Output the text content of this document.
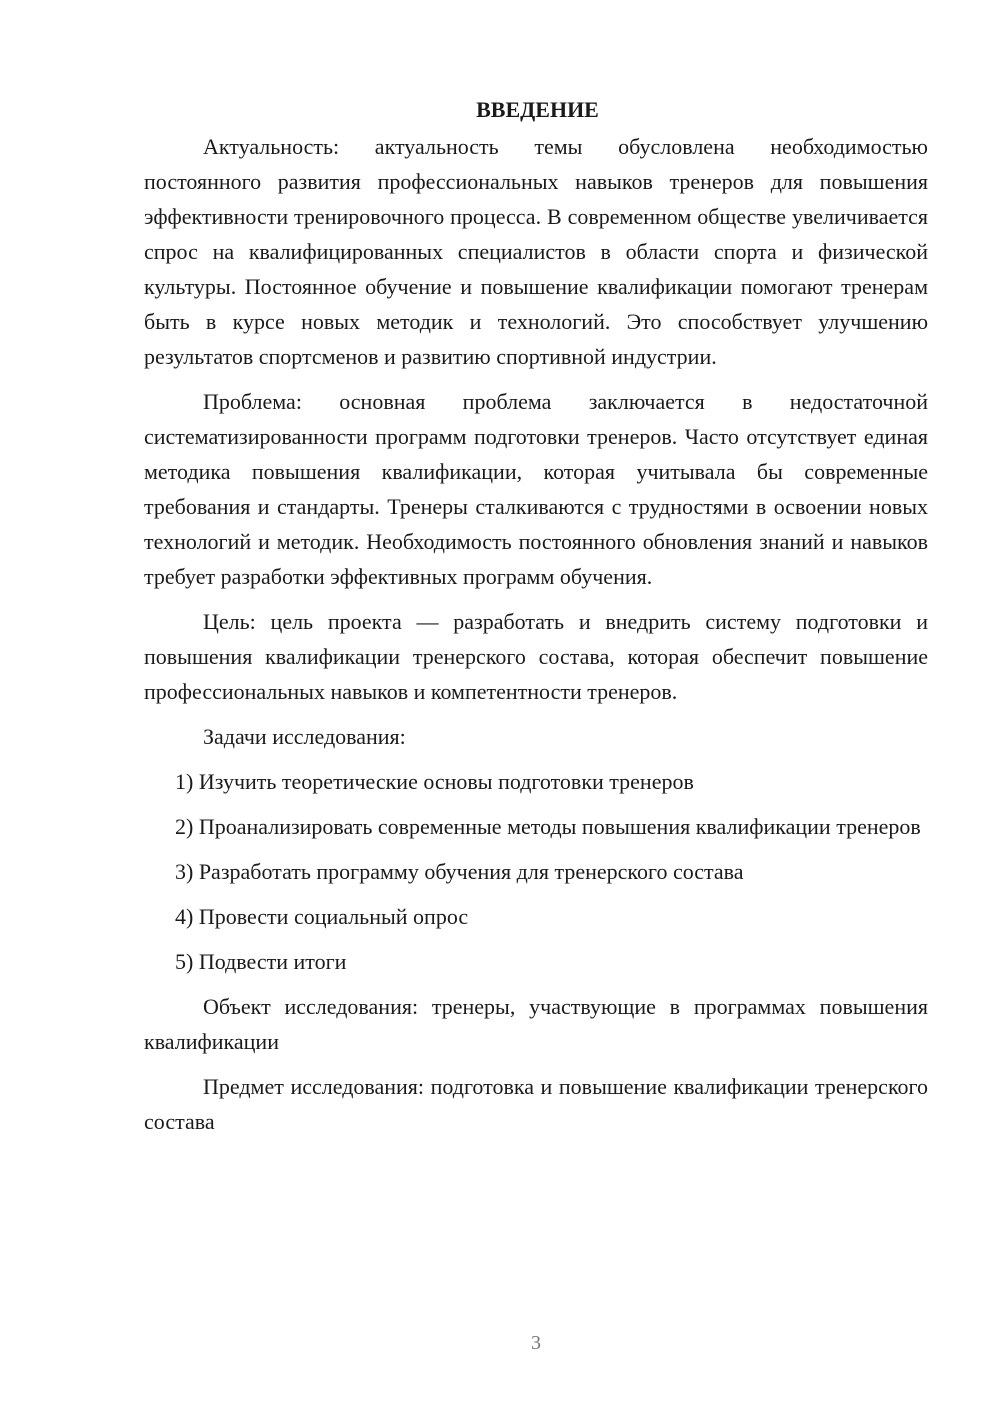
ВВЕДЕНИЕ

Актуальность: актуальность темы обусловлена необходимостью постоянного развития профессиональных навыков тренеров для повышения эффективности тренировочного процесса. В современном обществе увеличивается спрос на квалифицированных специалистов в области спорта и физической культуры. Постоянное обучение и повышение квалификации помогают тренерам быть в курсе новых методик и технологий. Это способствует улучшению результатов спортсменов и развитию спортивной индустрии.

Проблема: основная проблема заключается в недостаточной систематизированности программ подготовки тренеров. Часто отсутствует единая методика повышения квалификации, которая учитывала бы современные требования и стандарты. Тренеры сталкиваются с трудностями в освоении новых технологий и методик. Необходимость постоянного обновления знаний и навыков требует разработки эффективных программ обучения.

Цель: цель проекта — разработать и внедрить систему подготовки и повышения квалификации тренерского состава, которая обеспечит повышение профессиональных навыков и компетентности тренеров.

Задачи исследования:

1) Изучить теоретические основы подготовки тренеров

2) Проанализировать современные методы повышения квалификации тренеров

3) Разработать программу обучения для тренерского состава

4) Провести социальный опрос

5) Подвести итоги

Объект исследования: тренеры, участвующие в программах повышения квалификации

Предмет исследования: подготовка и повышение квалификации тренерского состава

3
